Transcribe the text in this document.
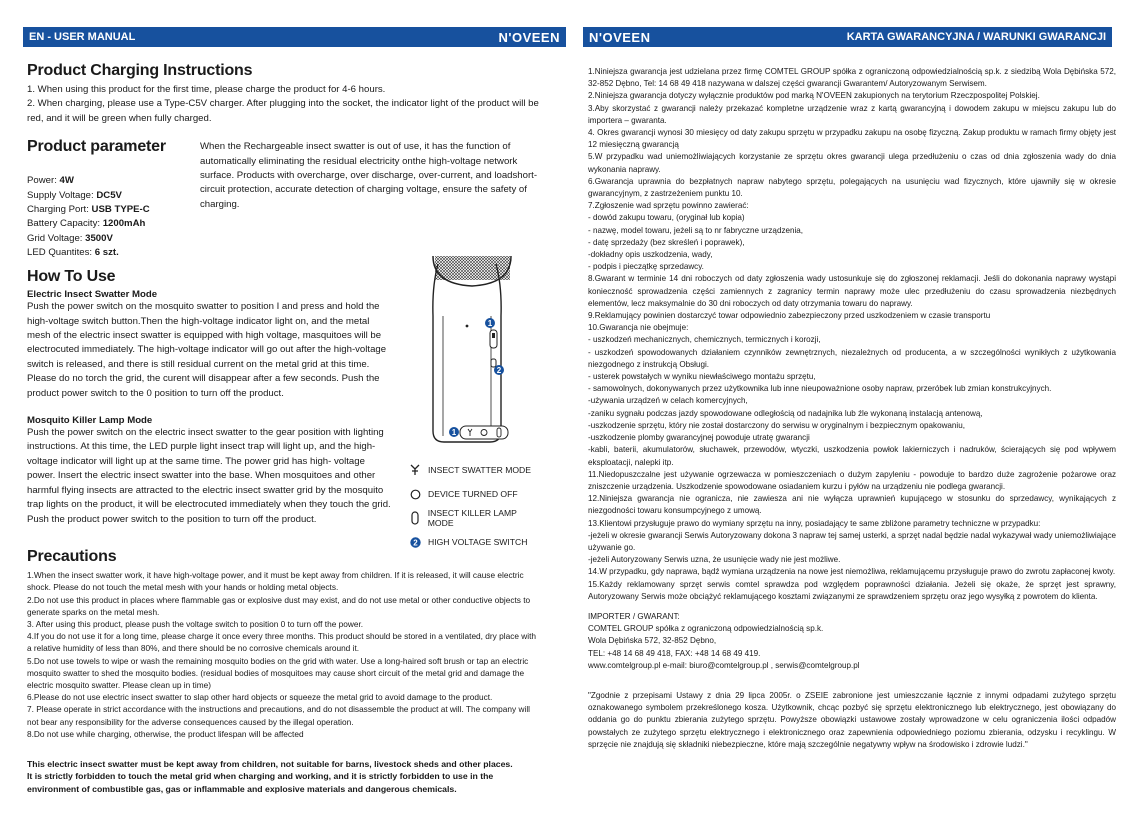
EN - USER MANUAL	N'OVEEN N'OVEEN	KARTA GWARANCYJNA / WARUNKI GWARANCJI
Product Charging Instructions
1. When using this product for the first time, please charge the product for 4-6 hours.
2. When charging, please use a Type-C5V charger. After plugging into the socket, the indicator light of the product will be red, and it will be green when fully charged.
Product parameter
Power: 4W
Supply Voltage: DC5V
Charging Port: USB TYPE-C
Battery Capacity: 1200mAh
Grid Voltage: 3500V
LED Quantites: 6 szt.
When the Rechargeable insect swatter is out of use, it has the function of automatically eliminating the residual electricity onthe high-voltage network surface. Products with overcharge, over discharge, over-current, and loadshort-circuit protection, accurate detection of charging voltage, ensure the safety of charging.
How To Use
Electric Insect Swatter Mode
Push the power switch on the mosquito swatter to position I and press and hold the high-voltage switch button.Then the high-voltage indicator light on, and the metal mesh of the electric insect swatter is equipped with high voltage, masquitoes will be electrocuted immediately. The high-voltage indicator will go out after the high-voltage switch is released, and there is still residual current on the metal grid at this time. Please do no torch the grid, the curent will disappear after a few seconds. Push the product power switch to the 0 position to turn off the product.
Mosquito Killer Lamp Mode
Push the power switch on the electric insect swatter to the gear position with lighting instructions. At this time, the LED purple light insect trap will light up, and the high-voltage indicator will light up at the same time. The power grid has high- voltage power. Insert the electric insect swatter into the base. When mosquitoes and other harmful flying insects are attracted to the electric insect swatter grid by the mosquito trap lights on the product, it will be electrocuted immediately when they touch the grid. Push the product power switch to the position to turn off the product.
1
2
1
INSECT SWATTER MODE
DEVICE TURNED OFF
INSECT KILLER LAMP MODE
2 HIGH VOLTAGE SWITCH
Precautions
1.When the insect swatter work, it have high-voltage power, and it must be kept away from children. If it is released, it will cause electric shock. Please do not touch the metal mesh with your hands or holding metal objects.
2.Do not use this product in places where flammable gas or explosive dust may exist, and do not use metal or other conductive objects to generate sparks on the metal mesh.
3. After using this product, please push the voltage switch to position 0 to turn off the power.
4.If you do not use it for a long time, please charge it once every three months. This product should be stored in a ventilated, dry place with a relative humidity of less than 80%, and there should be no corrosive chemicals around it.
5.Do not use towels to wipe or wash the remaining mosquito bodies on the grid with water. Use a long-haired soft brush or tap an electric mosquito swatter to shed the mosquito bodies. (residual bodies of mosquitoes may cause short circuit of the metal grid and damage the electric mosquito swatter. Please clean up in time)
6.Please do not use electric insect swatter to slap other hard objects or squeeze the metal grid to avoid damage to the product.
7. Please operate in strict accordance with the instructions and precautions, and do not disassemble the product at will. The company will not bear any responsibility for the adverse consequences caused by the illegal operation.
8.Do not use while charging, otherwise, the product lifespan will be affected
This electric insect swatter must be kept away from children, not suitable for barns, livestock sheds and other places.
It is strictly forbidden to touch the metal grid when charging and working, and it is strictly forbidden to use in the environment of combustible gas, gas or inflammable and explosive materials and dangerous chemicals.
1.Niniejsza gwarancja jest udzielana przez firmę COMTEL GROUP spółka z ograniczoną odpowiedzialnością sp.k. z siedzibą Wola Dębińska 572, 32-852 Dębno, Tel: 14 68 49 418 nazywana w dalszej części gwarancji Gwarantem/ Autoryzowanym Serwisem.
2.Niniejsza gwarancja dotyczy wyłącznie produktów pod marką N'OVEEN zakupionych na terytorium Rzeczpospolitej Polskiej.
3.Aby skorzystać z gwarancji należy przekazać kompletne urządzenie wraz z kartą gwarancyjną i dowodem zakupu w miejscu zakupu lub do importera – gwaranta.
4. Okres gwarancji wynosi 30 miesięcy od daty zakupu sprzętu w przypadku zakupu na osobę fizyczną. Zakup produktu w ramach firmy objęty jest 12 miesięczną gwarancją
5.W przypadku wad uniemożliwiających korzystanie ze sprzętu okres gwarancji ulega przedłużeniu o czas od dnia zgłoszenia wady do dnia wykonania naprawy.
6.Gwarancja uprawnia do bezpłatnych napraw nabytego sprzętu, polegających na usunięciu wad fizycznych, które ujawniły się w okresie gwarancyjnym, z zastrzeżeniem punktu 10.
7.Zgłoszenie wad sprzętu powinno zawierać:
- dowód zakupu towaru, (oryginał lub kopia)
- nazwę, model towaru, jeżeli są to nr fabryczne urządzenia,
- datę sprzedaży (bez skreśleń i poprawek),
-dokładny opis uszkodzenia, wady,
- podpis i pieczątkę sprzedawcy.
8.Gwarant w terminie 14 dni roboczych od daty zgłoszenia wady ustosunkuje się do zgłoszonej reklamacji. Jeśli do dokonania naprawy wystąpi konieczność sprowadzenia części zamiennych z zagranicy termin naprawy może ulec przedłużeniu do czasu sprowadzenia niezbędnych elementów, lecz maksymalnie do 30 dni roboczych od daty otrzymania towaru do naprawy.
9.Reklamujący powinien dostarczyć towar odpowiednio zabezpieczony przed uszkodzeniem w czasie transportu
10.Gwarancja nie obejmuje:
- uszkodzeń mechanicznych, chemicznych, termicznych i korozji,
- uszkodzeń spowodowanych działaniem czynników zewnętrznych, niezależnych od producenta, a w szczególności wynikłych z użytkowania niezgodnego z instrukcją Obsługi.
- usterek powstałych w wyniku niewłaściwego montażu sprzętu,
- samowolnych, dokonywanych przez użytkownika lub inne nieupoważnione osoby napraw, przeróbek lub zmian konstrukcyjnych.
-używania urządzeń w celach komercyjnych,
-zaniku sygnału podczas jazdy spowodowane odległością od nadajnika lub źle wykonaną instalacją antenową,
-uszkodzenie sprzętu, który nie został dostarczony do serwisu w oryginalnym i bezpiecznym opakowaniu,
-uszkodzenie plomby gwarancyjnej powoduje utratę gwarancji
-kabli, baterii, akumulatorów, słuchawek, przewodów, wtyczki, uszkodzenia powłok lakierniczych i nadruków, ścierających się pod wpływem eksploatacji, nalepki itp.
11.Niedopuszczalne jest używanie ogrzewacza w pomieszczeniach o dużym zapyleniu - powoduje to bardzo duże zagrożenie pożarowe oraz zniszczenie urządzenia. Uszkodzenie spowodowane osiadaniem kurzu i pyłów na urządzeniu nie podlega gwarancji.
12.Niniejsza gwarancja nie ogranicza, nie zawiesza ani nie wyłącza uprawnień kupującego w stosunku do sprzedawcy, wynikających z niezgodności towaru konsumpcyjnego z umową.
13.Klientowi przysługuje prawo do wymiany sprzętu na inny, posiadający te same zbliżone parametry techniczne w przypadku:
-jeżeli w okresie gwarancji Serwis Autoryzowany dokona 3 napraw tej samej usterki, a sprzęt nadal będzie nadal wykazywał wady uniemożliwiające używanie go.
-jeżeli Autoryzowany Serwis uzna, że usunięcie wady nie jest możliwe.
14.W przypadku, gdy naprawa, bądź wymiana urządzenia na nowe jest niemożliwa, reklamującemu przysługuje prawo do zwrotu zapłaconej kwoty.
15.Każdy reklamowany sprzęt serwis comtel sprawdza pod względem poprawności działania. Jeżeli się okaże, że sprzęt jest sprawny, Autoryzowany Serwis może obciążyć reklamującego kosztami związanymi ze sprawdzeniem sprzętu oraz jego wysyłką z powrotem do klienta.
IMPORTER / GWARANT:
COMTEL GROUP spółka z ograniczoną odpowiedzialnością sp.k.
Wola Dębińska 572, 32-852 Dębno,
TEL: +48 14 68 49 418, FAX: +48 14 68 49 419.
www.comtelgroup.pl e-mail: biuro@comtelgroup.pl , serwis@comtelgroup.pl
"Zgodnie z przepisami Ustawy z dnia 29 lipca 2005r. o ZSEIE zabronione jest umieszczanie łącznie z innymi odpadami zużytego sprzętu oznakowanego symbolem przekreślonego kosza. Użytkownik, chcąc pozbyć się sprzętu elektronicznego lub elektrycznego, jest obowiązany do oddania go do punktu zbierania zużytego sprzętu. Powyższe obowiązki ustawowe zostały wprowadzone w celu ograniczenia ilości odpadów powstałych ze zużytego sprzętu elektrycznego i elektronicznego oraz zapewnienia odpowiedniego poziomu zbierania, odzysku i recyklingu. W sprzęcie nie znajdują się składniki niebezpieczne, które mają szczególnie negatywny wpływ na środowisko i zdrowie ludzi."
